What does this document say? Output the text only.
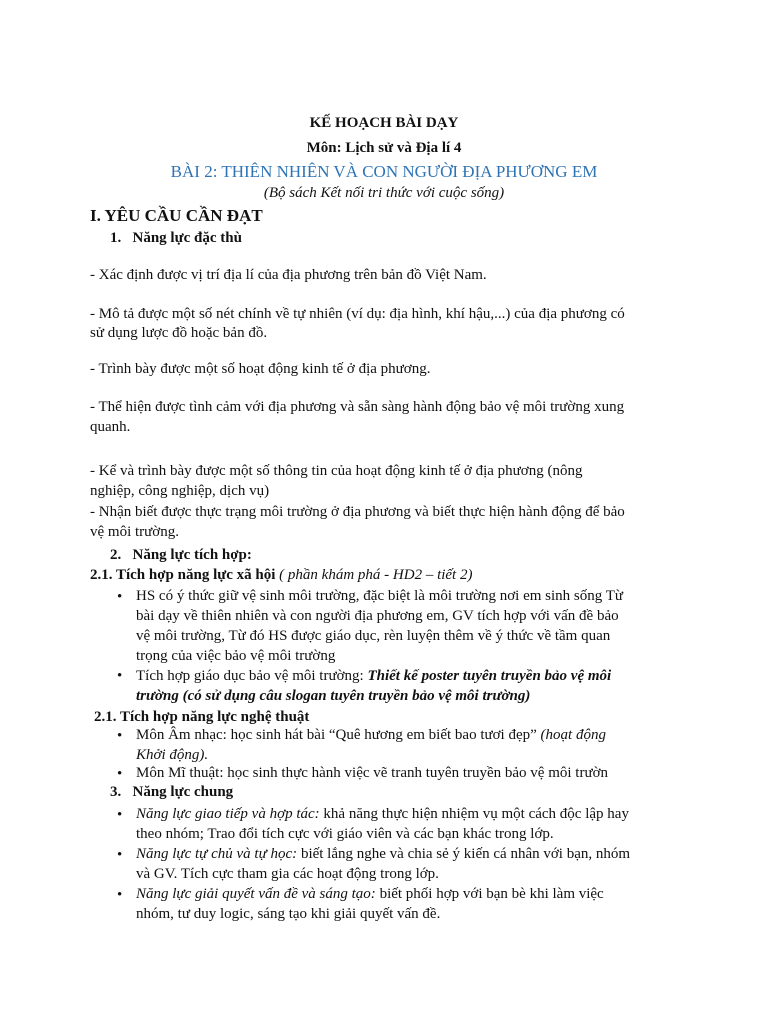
KẾ HOẠCH BÀI DẠY
Môn: Lịch sử và Địa lí 4
BÀI 2: THIÊN NHIÊN VÀ CON NGƯỜI ĐỊA PHƯƠNG EM
(Bộ sách Kết nối tri thức với cuộc sống)
I. YÊU CẦU CẦN ĐẠT
1. Năng lực đặc thù
- Xác định được vị trí địa lí của địa phương trên bản đồ Việt Nam.
- Mô tả được một số nét chính về tự nhiên (ví dụ: địa hình, khí hậu,...) của địa phương có
sử dụng lược đồ hoặc bản đồ.
- Trình bày được một số hoạt động kinh tế ở địa phương.
- Thể hiện được tình cảm với địa phương và sẵn sàng hành động bảo vệ môi trường xung
quanh.
- Kể và trình bày được một số thông tin của hoạt động kinh tế ở địa phương (nông
nghiệp, công nghiệp, dịch vụ)
- Nhận biết được thực trạng môi trường ở địa phương và biết thực hiện hành động để bảo
vệ môi trường.
2. Năng lực tích hợp:
2.1. Tích hợp năng lực xã hội ( phần khám phá - HD2 – tiết 2)
• HS có ý thức giữ vệ sinh môi trường, đặc biệt là môi trường nơi em sinh sống Từ
bài dạy về thiên nhiên và con người địa phương em, GV tích hợp với vấn đề bảo
vệ môi trường, Từ đó HS được giáo dục, rèn luyện thêm về ý thức về tầm quan
trọng của việc bảo vệ môi trường
• Tích hợp giáo dục bảo vệ môi trường: Thiết kế poster tuyên truyền bảo vệ môi
trường (có sử dụng câu slogan tuyên truyền bảo vệ môi trường)
2.1. Tích hợp năng lực nghệ thuật
• Môn Âm nhạc: học sinh hát bài “Quê hương em biết bao tươi đẹp” (hoạt động
Khởi động).
• Môn Mĩ thuật: học sinh thực hành việc vẽ tranh tuyên truyền bảo vệ môi trườn
3. Năng lực chung
• Năng lực giao tiếp và hợp tác: khả năng thực hiện nhiệm vụ một cách độc lập hay
theo nhóm; Trao đổi tích cực với giáo viên và các bạn khác trong lớp.
• Năng lực tự chủ và tự học: biết lắng nghe và chia sẻ ý kiến cá nhân với bạn, nhóm
và GV. Tích cực tham gia các hoạt động trong lớp.
• Năng lực giải quyết vấn đề và sáng tạo: biết phối hợp với bạn bè khi làm việc
nhóm, tư duy logic, sáng tạo khi giải quyết vấn đề.
